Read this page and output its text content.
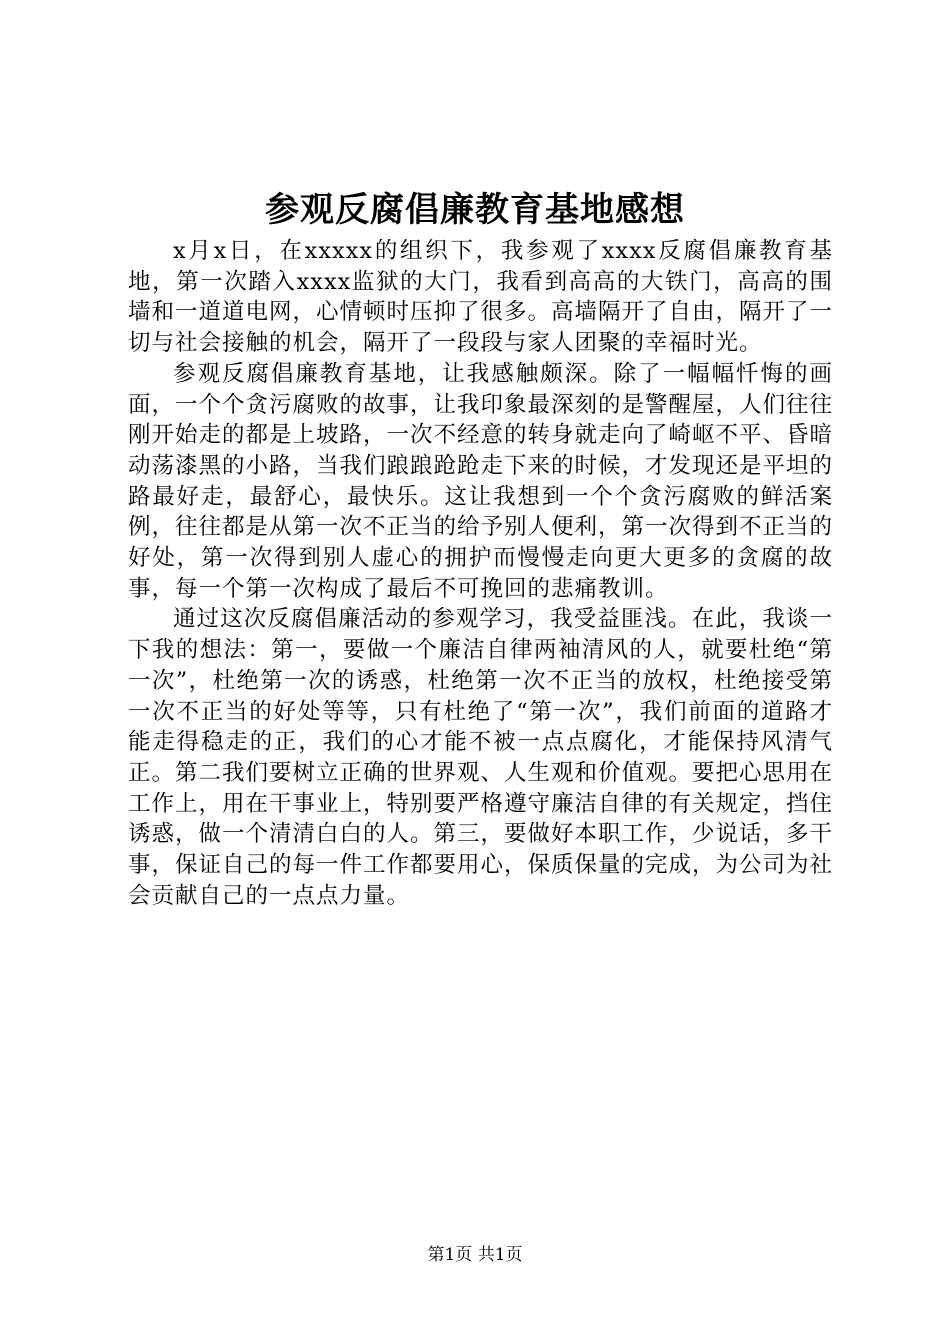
参观反腐倡廉教育基地感想

x月x日，在xxxxx的组织下，我参观了xxxx反腐倡廉教育基地，第一次踏入xxxx监狱的大门，我看到高高的大铁门，高高的围墙和一道道电网，心情顿时压抑了很多。高墙隔开了自由，隔开了一切与社会接触的机会，隔开了一段段与家人团聚的幸福时光。

参观反腐倡廉教育基地，让我感触颇深。除了一幅幅忏悔的画面，一个个贪污腐败的故事，让我印象最深刻的是警醒屋，人们往往刚开始走的都是上坡路，一次不经意的转身就走向了崎岖不平、昏暗动荡漆黑的小路，当我们踉踉跄跄走下来的时候，才发现还是平坦的路最好走，最舒心，最快乐。这让我想到一个个贪污腐败的鲜活案例，往往都是从第一次不正当的给予别人便利，第一次得到不正当的好处，第一次得到别人虚心的拥护而慢慢走向更大更多的贪腐的故事，每一个第一次构成了最后不可挽回的悲痛教训。

通过这次反腐倡廉活动的参观学习，我受益匪浅。在此，我谈一下我的想法：第一，要做一个廉洁自律两袖清风的人，就要杜绝“第一次”，杜绝第一次的诱惑，杜绝第一次不正当的放权，杜绝接受第一次不正当的好处等等，只有杜绝了“第一次”，我们前面的道路才能走得稳走的正，我们的心才能不被一点点腐化，才能保持风清气正。第二我们要树立正确的世界观、人生观和价值观。要把心思用在工作上，用在干事业上，特别要严格遵守廉洁自律的有关规定，挡住诱惑，做一个清清白白的人。第三，要做好本职工作，少说话，多干事，保证自己的每一件工作都要用心，保质保量的完成，为公司为社会贡献自己的一点点力量。

第1页 共1页
